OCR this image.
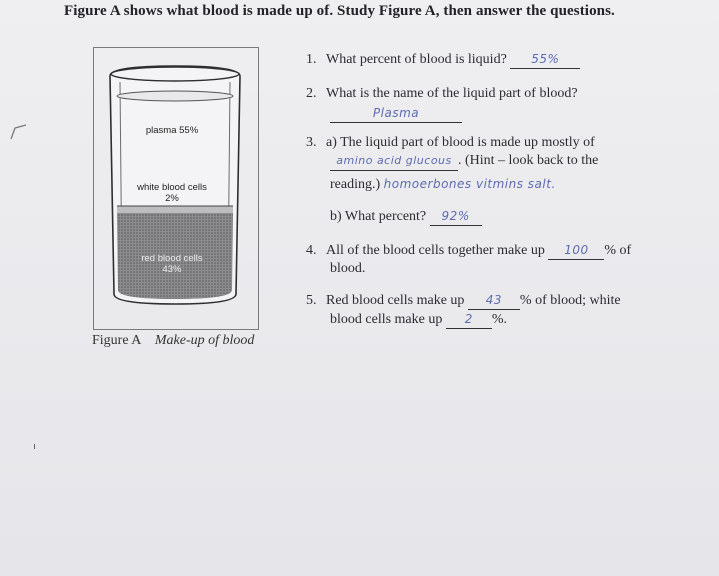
Figure A shows what blood is made up of. Study Figure A, then answer the questions.
plasma 55%
white blood cells
2%
red blood cells
43%
Figure A Make-up of blood
1. What percent of blood is liquid? 55%
2. What is the name of the liquid part of blood?
Plasma
3. a) The liquid part of blood is made up mostly of
amino acid glucous . (Hint – look back to the
reading.) homoerbones vitmins salt.
b) What percent? 92%
4. All of the blood cells together make up 100 % of
blood.
5. Red blood cells make up 43 % of blood; white
blood cells make up 2 %.
